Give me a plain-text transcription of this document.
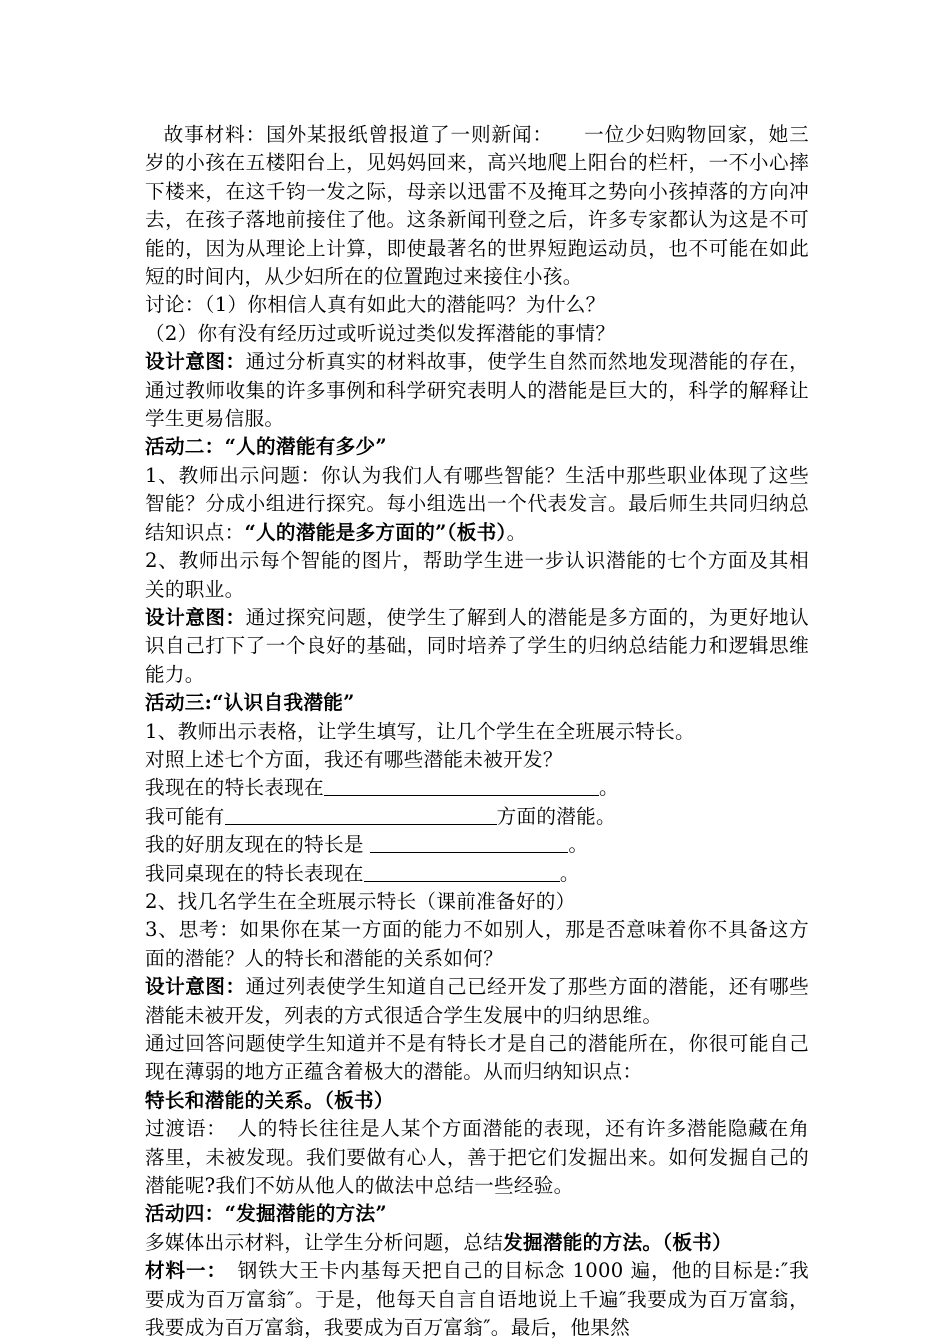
故事材料：国外某报纸曾报道了一则新闻：　　一位少妇购物回家，她三岁的小孩在五楼阳台上，见妈妈回来，高兴地爬上阳台的栏杆，一不小心摔下楼来，在这千钧一发之际，母亲以迅雷不及掩耳之势向小孩掉落的方向冲去，在孩子落地前接住了他。这条新闻刊登之后，许多专家都认为这是不可能的，因为从理论上计算，即使最著名的世界短跑运动员，也不可能在如此短的时间内，从少妇所在的位置跑过来接住小孩。

讨论：（1）你相信人真有如此大的潜能吗？为什么？

（2）你有没有经历过或听说过类似发挥潜能的事情？

设计意图：通过分析真实的材料故事，使学生自然而然地发现潜能的存在，通过教师收集的许多事例和科学研究表明人的潜能是巨大的，科学的解释让学生更易信服。

活动二：“人的潜能有多少”

1、教师出示问题：你认为我们人有哪些智能？生活中那些职业体现了这些智能？分成小组进行探究。每小组选出一个代表发言。最后师生共同归纳总结知识点：“人的潜能是多方面的”（板书）。

2、教师出示每个智能的图片，帮助学生进一步认识潜能的七个方面及其相关的职业。

设计意图：通过探究问题，使学生了解到人的潜能是多方面的，为更好地认识自己打下了一个良好的基础，同时培养了学生的归纳总结能力和逻辑思维能力。

活动三:“认识自我潜能”

1、教师出示表格，让学生填写，让几个学生在全班展示特长。

对照上述七个方面，我还有哪些潜能未被开发？

我现在的特长表现在	。

我可能有	方面的潜能。

我的好朋友现在的特长是	。

我同桌现在的特长表现在	。

2、找几名学生在全班展示特长（课前准备好的）

3、思考：如果你在某一方面的能力不如别人，那是否意味着你不具备这方面的潜能？人的特长和潜能的关系如何？

设计意图：通过列表使学生知道自己已经开发了那些方面的潜能，还有哪些潜能未被开发，列表的方式很适合学生发展中的归纳思维。

通过回答问题使学生知道并不是有特长才是自己的潜能所在，你很可能自己现在薄弱的地方正蕴含着极大的潜能。从而归纳知识点：

特长和潜能的关系。（板书）

过渡语：　人的特长往往是人某个方面潜能的表现，还有许多潜能隐藏在角落里，未被发现。我们要做有心人，善于把它们发掘出来。如何发掘自己的潜能呢?我们不妨从他人的做法中总结一些经验。

活动四：“发掘潜能的方法”

多媒体出示材料，让学生分析问题，总结发掘潜能的方法。（板书）

材料一：　钢铁大王卡内基每天把自己的目标念 1000 遍，他的目标是:″我要成为百万富翁″。于是，他每天自言自语地说上千遍″我要成为百万富翁，我要成为百万富翁，我要成为百万富翁″。最后，他果然
